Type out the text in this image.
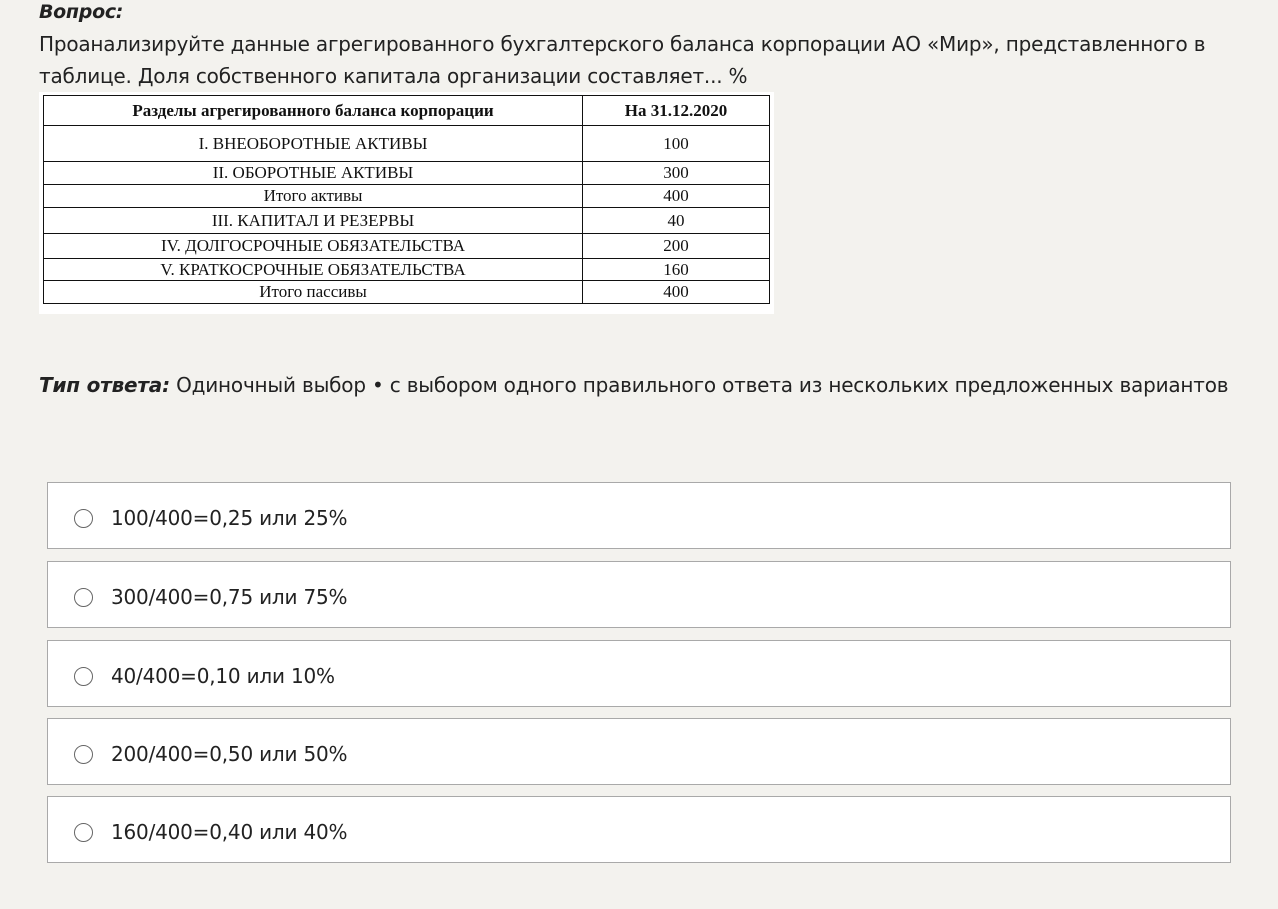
Вопрос:
Проанализируйте данные агрегированного бухгалтерского баланса корпорации АО «Мир», представленного в таблице. Доля собственного капитала организации составляет... %
Разделы агрегированного баланса корпорации	На 31.12.2020
I. ВНЕОБОРОТНЫЕ АКТИВЫ	100
II. ОБОРОТНЫЕ АКТИВЫ	300
Итого активы	400
III. КАПИТАЛ И РЕЗЕРВЫ	40
IV. ДОЛГОСРОЧНЫЕ ОБЯЗАТЕЛЬСТВА	200
V. КРАТКОСРОЧНЫЕ ОБЯЗАТЕЛЬСТВА	160
Итого пассивы	400
Тип ответа: Одиночный выбор • с выбором одного правильного ответа из нескольких предложенных вариантов
100/400=0,25 или 25%
300/400=0,75 или 75%
40/400=0,10 или 10%
200/400=0,50 или 50%
160/400=0,40 или 40%
